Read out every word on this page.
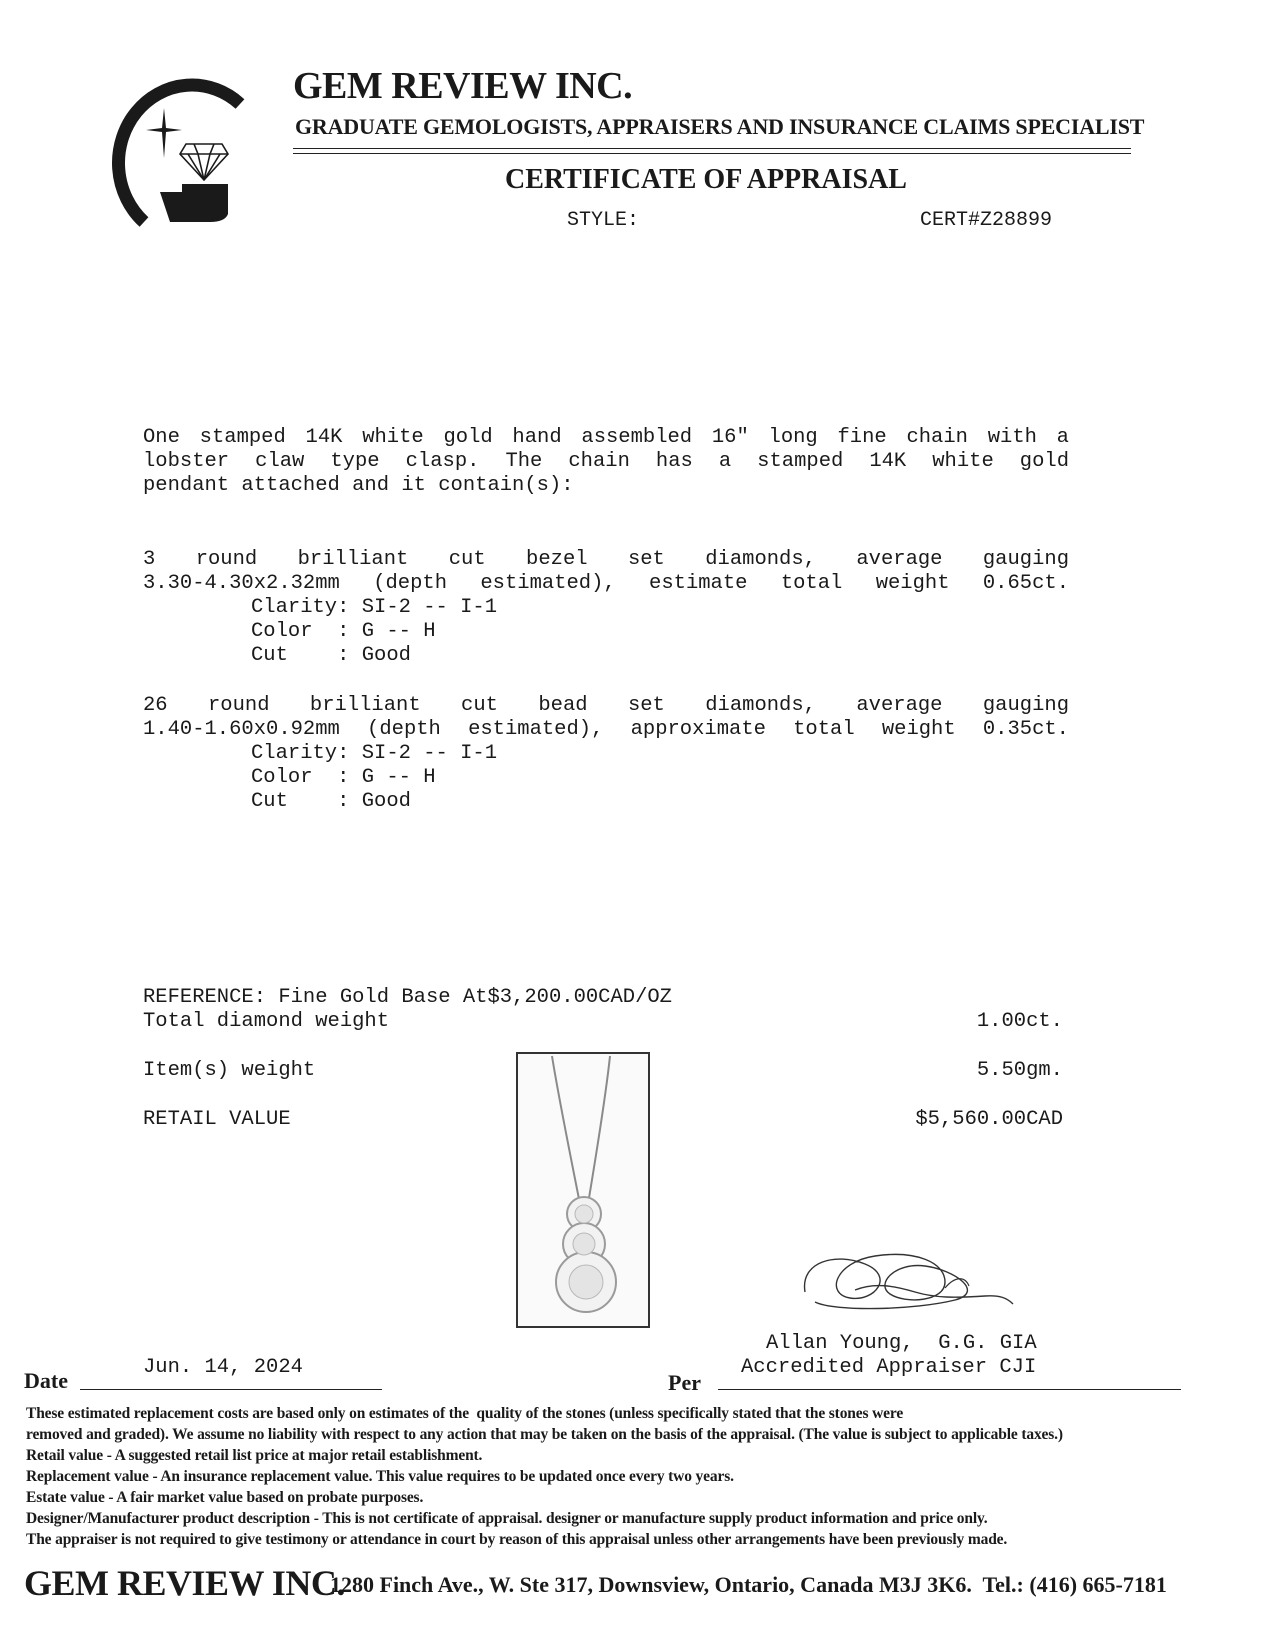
GEM REVIEW INC.
GRADUATE GEMOLOGISTS, APPRAISERS AND INSURANCE CLAIMS SPECIALIST
CERTIFICATE OF APPRAISAL
STYLE:	CERT#Z28899
One stamped 14K white gold hand assembled 16" long fine chain with a
lobster claw type clasp. The chain has a stamped 14K white gold
pendant attached and it contain(s):
3 round brilliant cut bezel set diamonds, average gauging
3.30-4.30x2.32mm (depth estimated), estimate total weight 0.65ct.
Clarity: SI-2 -- I-1
Color  : G -- H
Cut    : Good
26 round brilliant cut bead set diamonds, average gauging
1.40-1.60x0.92mm (depth estimated), approximate total weight 0.35ct.
Clarity: SI-2 -- I-1
Color  : G -- H
Cut    : Good
REFERENCE: Fine Gold Base At$3,200.00CAD/OZ
Total diamond weight	1.00ct.
Item(s) weight	5.50gm.
RETAIL VALUE	$5,560.00CAD
Allan Young,  G.G. GIA
Accredited Appraiser CJI
Jun. 14, 2024
Date	Per
These estimated replacement costs are based only on estimates of the  quality of the stones (unless specifically stated that the stones were
removed and graded). We assume no liability with respect to any action that may be taken on the basis of the appraisal. (The value is subject to applicable taxes.)
Retail value - A suggested retail list price at major retail establishment.
Replacement value - An insurance replacement value. This value requires to be updated once every two years.
Estate value - A fair market value based on probate purposes.
Designer/Manufacturer product description - This is not certificate of appraisal. designer or manufacture supply product information and price only.
The appraiser is not required to give testimony or attendance in court by reason of this appraisal unless other arrangements have been previously made.
GEM REVIEW INC.
1280 Finch Ave., W. Ste 317, Downsview, Ontario, Canada M3J 3K6.  Tel.: (416) 665-7181
